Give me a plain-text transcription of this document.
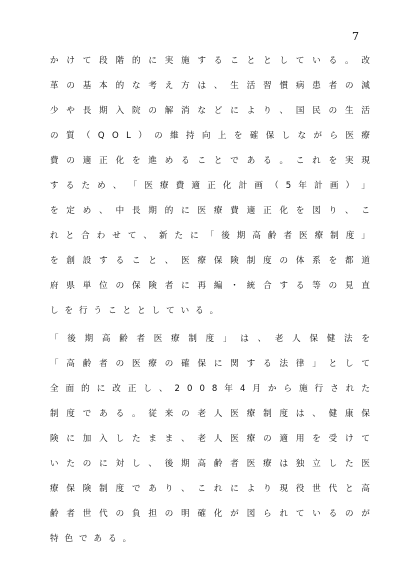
7
か け て 段 階 的 に 実 施 す る こ と と し て い る 。 改
革 の 基 本 的 な 考 え 方 は 、 生 活 習 慣 病 患 者 の 減
少 や 長 期 入 院 の 解 消 な ど に よ り 、 国 民 の 生 活
の 質 （ Q O L ） の 維 持 向 上 を 確 保 し な が ら 医 療
費 の 適 正 化 を 進 め る こ と で あ る 。 こ れ を 実 現
す る た め 、 「 医 療 費 適 正 化 計 画 （ 5 年 計 画 ） 」
を 定 め 、 中 長 期 的 に 医 療 費 適 正 化 を 図 り 、 こ
れ と 合 わ せ て 、 新 た に 「 後 期 高 齢 者 医 療 制 度 」
を 創 設 す る こ と 、 医 療 保 険 制 度 の 体 系 を 都 道
府 県 単 位 の 保 険 者 に 再 編 ・ 統 合 す る 等 の 見 直
し を 行 う こ と と し て い る 。
「 後 期 高 齢 者 医 療 制 度 」 は 、 老 人 保 健 法 を
「 高 齢 者 の 医 療 の 確 保 に 関 す る 法 律 」 と し て
全 面 的 に 改 正 し 、 2 0 0 8 年 4 月 か ら 施 行 さ れ た
制 度 で あ る 。 従 来 の 老 人 医 療 制 度 は 、 健 康 保
険 に 加 入 し た ま ま 、 老 人 医 療 の 適 用 を 受 け て
い た の に 対 し 、 後 期 高 齢 者 医 療 は 独 立 し た 医
療 保 険 制 度 で あ り 、 こ れ に よ り 現 役 世 代 と 高
齢 者 世 代 の 負 担 の 明 確 化 が 図 ら れ て い る の が
特 色 で あ る 。
